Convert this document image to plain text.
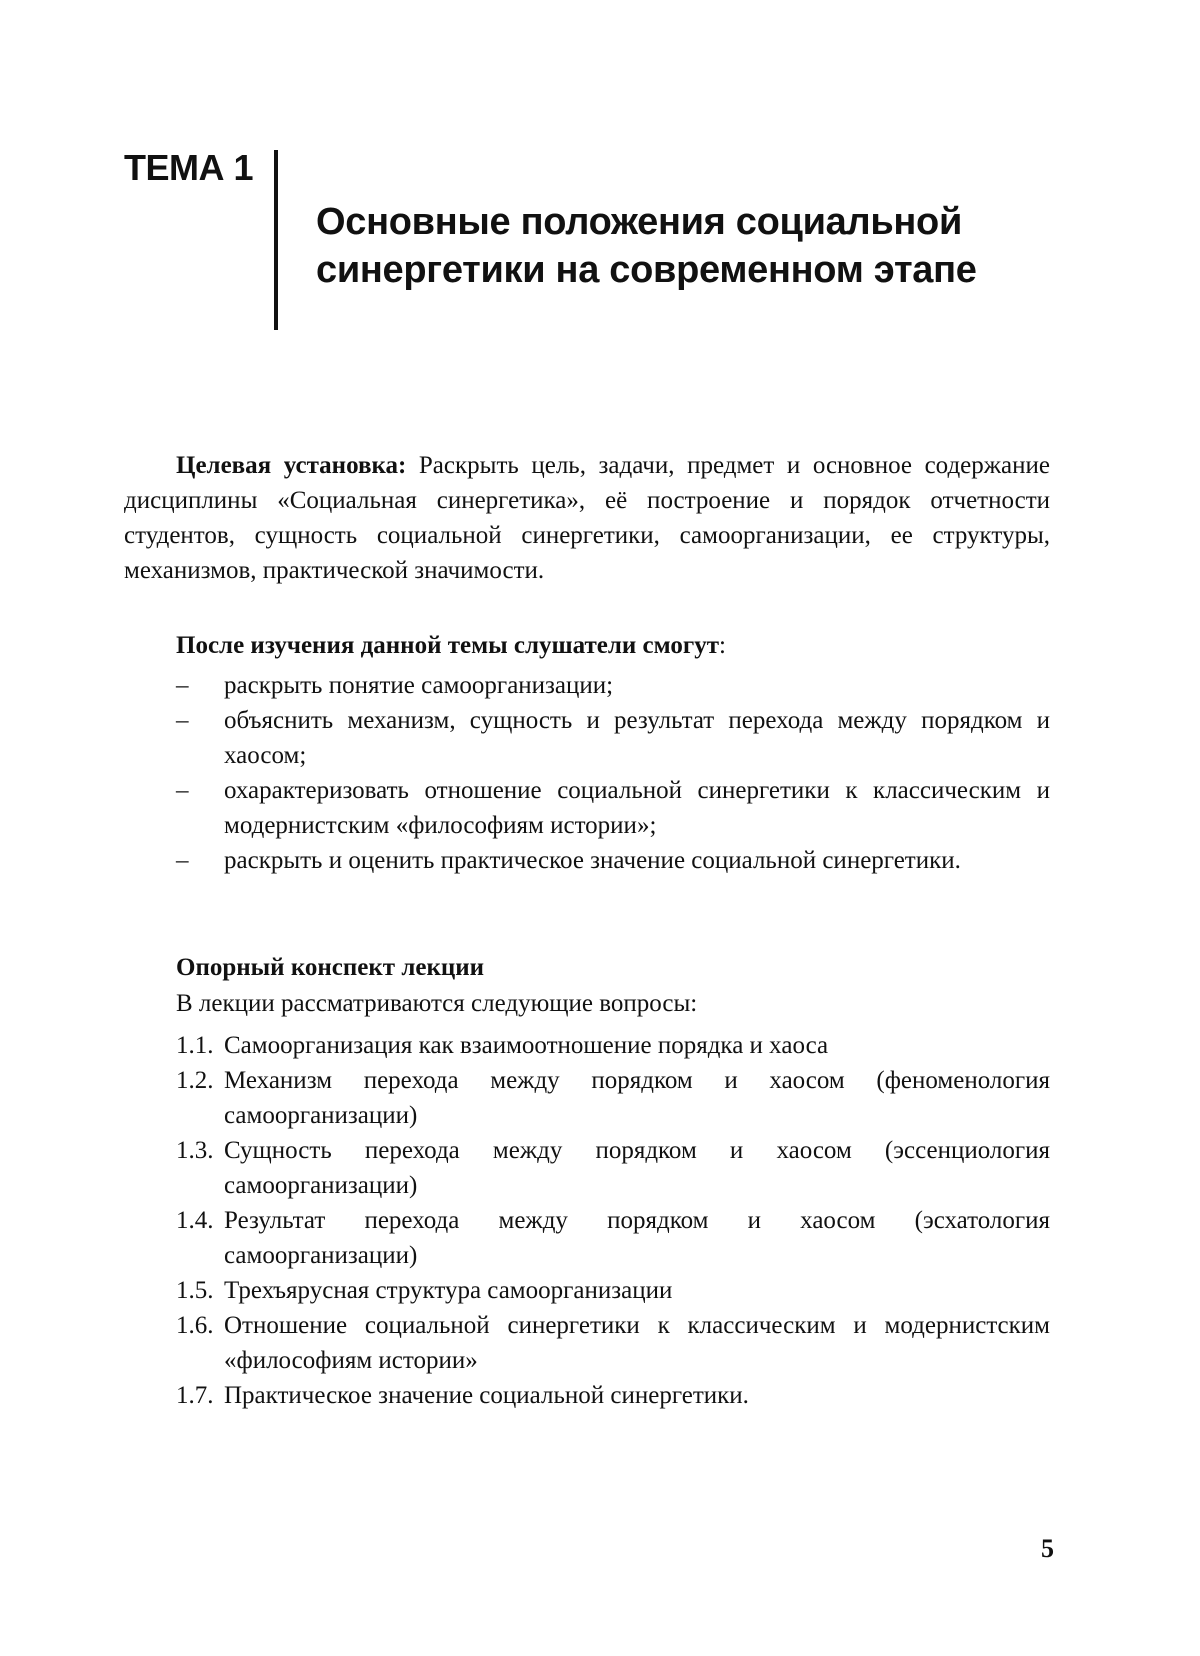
ТЕМА 1
Основные положения социальной синергетики на современном этапе

Целевая установка: Раскрыть цель, задачи, предмет и основное содержание дисциплины «Социальная синергетика», её построение и порядок отчетности студентов, сущность социальной синергетики, самоорганизации, ее структуры, механизмов, практической значимости.

После изучения данной темы слушатели смогут:
– раскрыть понятие самоорганизации;
– объяснить механизм, сущность и результат перехода между порядком и хаосом;
– охарактеризовать отношение социальной синергетики к классическим и модернистским «философиям истории»;
– раскрыть и оценить практическое значение социальной синергетики.
Опорный конспект лекции
В лекции рассматриваются следующие вопросы:
1.1. Самоорганизация как взаимоотношение порядка и хаоса
1.2. Механизм перехода между порядком и хаосом (феноменология самоорганизации)
1.3. Сущность перехода между порядком и хаосом (эссенциология самоорганизации)
1.4. Результат перехода между порядком и хаосом (эсхатология самоорганизации)
1.5. Трехъярусная структура самоорганизации
1.6. Отношение социальной синергетики к классическим и модернистским «философиям истории»
1.7. Практическое значение социальной синергетики.
5
